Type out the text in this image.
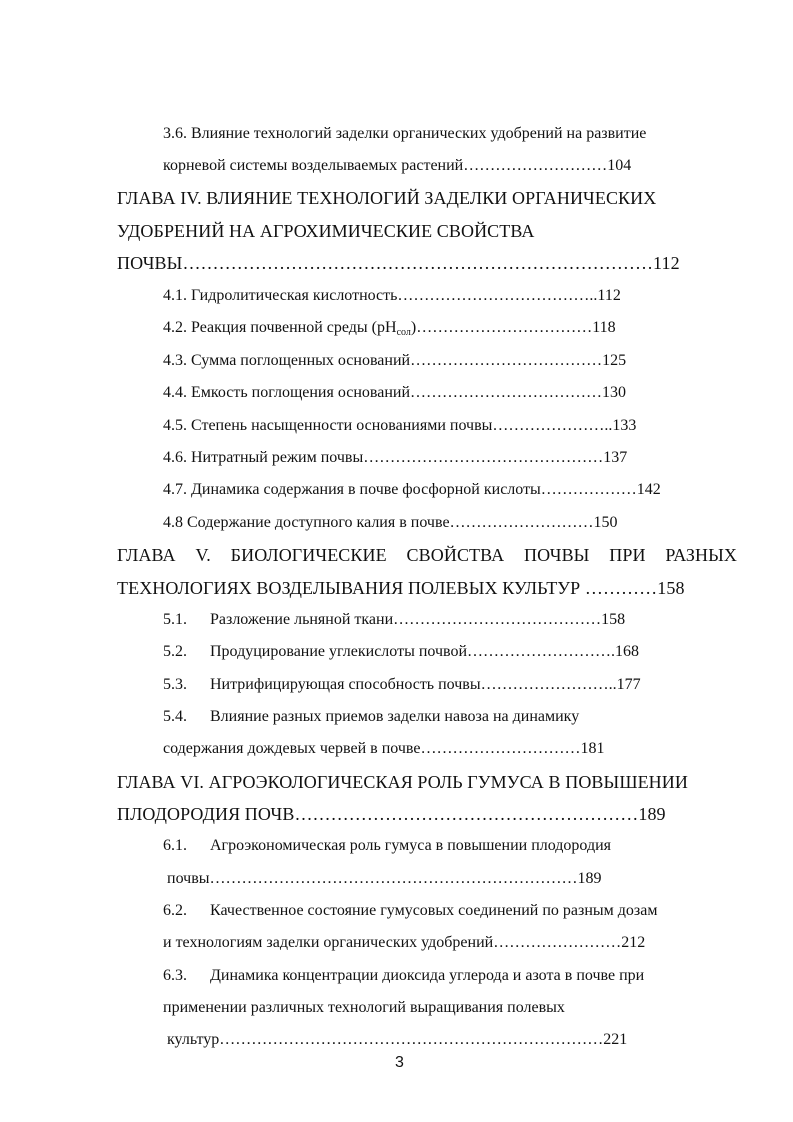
3.6. Влияние технологий заделки органических удобрений на развитие
корневой системы возделываемых растений………………………104
ГЛАВА IV. ВЛИЯНИЕ ТЕХНОЛОГИЙ ЗАДЕЛКИ ОРГАНИЧЕСКИХ
УДОБРЕНИЙ НА АГРОХИМИЧЕСКИЕ СВОЙСТВА
ПОЧВЫ……………………………………………………………………112
4.1. Гидролитическая кислотность………………………………..112
4.2. Реакция почвенной среды $(рН_{сол})\dots\dots\dots\dots\dots\dots\dots\dots\dots\dots\dots 118$
4.3. Сумма поглощенных оснований………………………………125
4.4. Емкость поглощения оснований………………………………130
4.5. Степень насыщенности основаниями почвы…………………..133
4.6. Нитратный режим почвы………………………………………137
4.7. Динамика содержания в почве фосфорной кислоты………………142
4.8 Содержание доступного калия в почве………………………150
ГЛАВА V. БИОЛОГИЧЕСКИЕ СВОЙСТВА ПОЧВЫ ПРИ РАЗНЫХ
ТЕХНОЛОГИЯХ ВОЗДЕЛЫВАНИЯ ПОЛЕВЫХ КУЛЬТУР …………158
5.1. Разложение льняной ткани…………………………………158
5.2. Продуцирование углекислоты почвой……………………….168
5.3. Нитрифицирующая способность почвы……………………..177
5.4. Влияние разных приемов заделки навоза на динамику
содержания дождевых червей в почве…………………………181
ГЛАВА VI. АГРОЭКОЛОГИЧЕСКАЯ РОЛЬ ГУМУСА В ПОВЫШЕНИИ
ПЛОДОРОДИЯ ПОЧВ…………………………………………………189
6.1. Агроэкономическая роль гумуса в повышении плодородия
почвы……………………………………………………………189
6.2. Качественное состояние гумусовых соединений по разным дозам
и технологиям заделки органических удобрений……………………212
6.3. Динамика концентрации диоксида углерода и азота в почве при
применении различных технологий выращивания полевых
культур………………………………………………………………221
3
